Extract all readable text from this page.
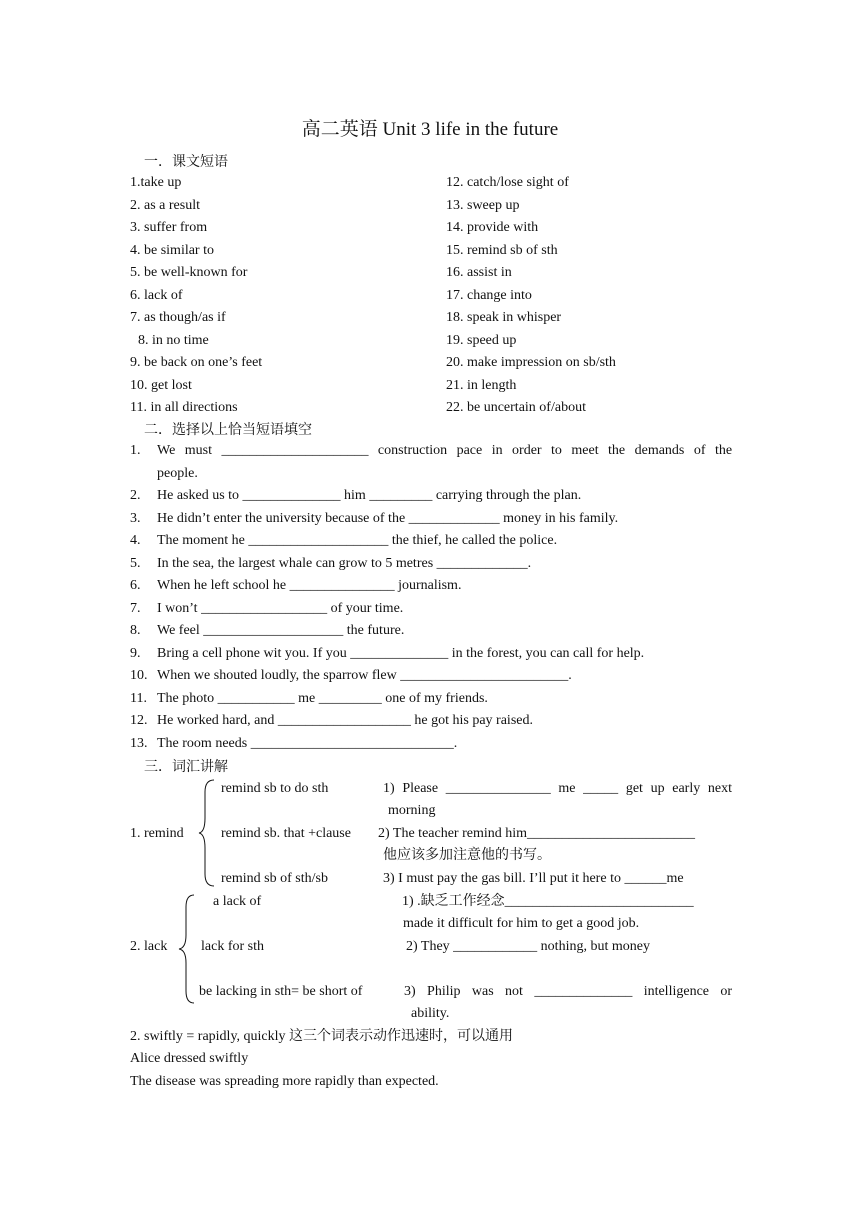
高二英语 Unit 3 life in the future
一．课文短语
1.take up
2. as a result
3. suffer from
4. be similar to
5. be well-known for
6. lack of
7. as though/as if
8. in no time
9. be back on one’s feet
10. get lost
11. in all directions
12. catch/lose sight of
13. sweep up
14. provide with
15. remind sb of sth
16. assist in
17. change into
18. speak in whisper
19. speed up
20. make impression on sb/sth
21. in length
22. be uncertain of/about
二．选择以上恰当短语填空
1. We must _____________________ construction pace in order to meet the demands of the
people.
2. He asked us to ______________ him _________ carrying through the plan.
3. He didn’t enter the university because of the _____________ money in his family.
4. The moment he ____________________ the thief, he called the police.
5. In the sea, the largest whale can grow to 5 metres _____________.
6. When he left school he _______________ journalism.
7. I won’t __________________ of your time.
8. We feel ____________________ the future.
9. Bring a cell phone wit you. If you ______________ in the forest, you can call for help.
10. When we shouted loudly, the sparrow flew ________________________.
11. The photo ___________ me _________ one of my friends.
12. He worked hard, and ___________________ he got his pay raised.
13. The room needs _____________________________.
三．词汇讲解
1. remind
remind sb to do sth
remind sb. that +clause
remind sb of sth/sb
1) Please _______________ me _____ get up early next
morning
2) The teacher remind him________________________
他应该多加注意他的书写。
3) I must pay the gas bill. I’ll put it here to ______me
2. lack
a lack of
lack for sth
be lacking in sth= be short of
1) .缺乏工作经念___________________________
made it difficult for him to get a good job.
2) They ____________ nothing, but money
3) Philip was not ______________ intelligence or
ability.
2. swiftly = rapidly, quickly 这三个词表示动作迅速时，可以通用
Alice dressed swiftly
The disease was spreading more rapidly than expected.
